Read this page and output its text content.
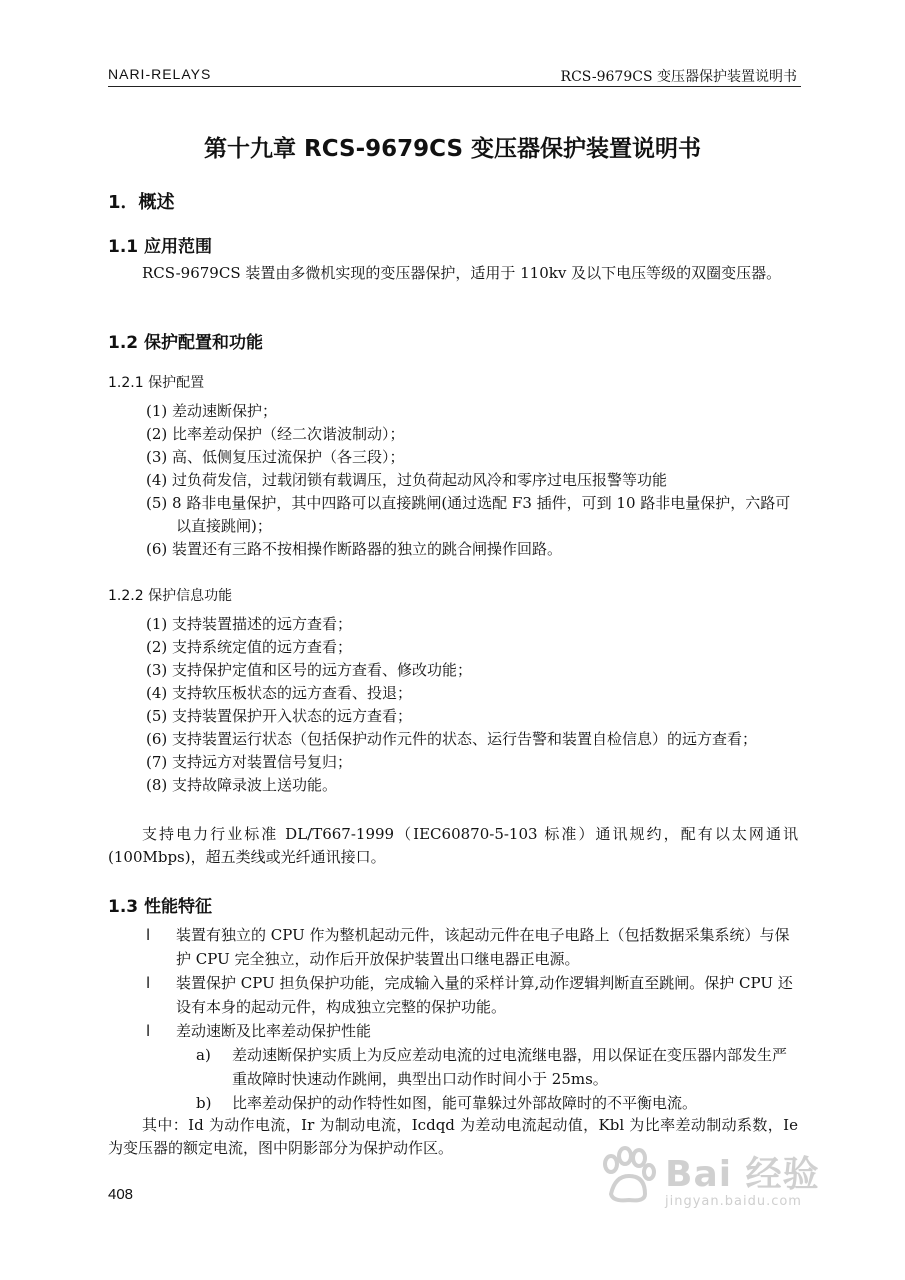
NARI-RELAYS	RCS-9679CS 变压器保护装置说明书
第十九章 RCS-9679CS 变压器保护装置说明书
1．概述
1.1 应用范围

RCS-9679CS 装置由多微机实现的变压器保护，适用于 110kv 及以下电压等级的双圈变压器。

1.2 保护配置和功能
1.2.1 保护配置
(1) 差动速断保护；
(2) 比率差动保护（经二次谐波制动）；
(3) 高、低侧复压过流保护（各三段）；
(4) 过负荷发信，过载闭锁有载调压，过负荷起动风冷和零序过电压报警等功能
(5) 8 路非电量保护，其中四路可以直接跳闸(通过选配 F3 插件，可到 10 路非电量保护，六路可以直接跳闸)；
(6) 装置还有三路不按相操作断路器的独立的跳合闸操作回路。
1.2.2 保护信息功能
(1) 支持装置描述的远方查看；
(2) 支持系统定值的远方查看；
(3) 支持保护定值和区号的远方查看、修改功能；
(4) 支持软压板状态的远方查看、投退；
(5) 支持装置保护开入状态的远方查看；
(6) 支持装置运行状态（包括保护动作元件的状态、运行告警和装置自检信息）的远方查看；
(7) 支持远方对装置信号复归；
(8) 支持故障录波上送功能。

支持电力行业标准 DL/T667-1999（IEC60870-5-103 标准）通讯规约，配有以太网通讯(100Mbps)，超五类线或光纤通讯接口。

1.3 性能特征
l 装置有独立的 CPU 作为整机起动元件，该起动元件在电子电路上（包括数据采集系统）与保护 CPU 完全独立，动作后开放保护装置出口继电器正电源。
l 装置保护 CPU 担负保护功能，完成输入量的采样计算,动作逻辑判断直至跳闸。保护 CPU 还设有本身的起动元件，构成独立完整的保护功能。
l 差动速断及比率差动保护性能
a) 差动速断保护实质上为反应差动电流的过电流继电器，用以保证在变压器内部发生严重故障时快速动作跳闸，典型出口动作时间小于 25ms。
b) 比率差动保护的动作特性如图，能可靠躲过外部故障时的不平衡电流。

其中：Id 为动作电流，Ir 为制动电流，Icdqd 为差动电流起动值，Kbl 为比率差动制动系数，Ie 为变压器的额定电流，图中阴影部分为保护动作区。

408	Bai 经验
jingyan.baidu.com
